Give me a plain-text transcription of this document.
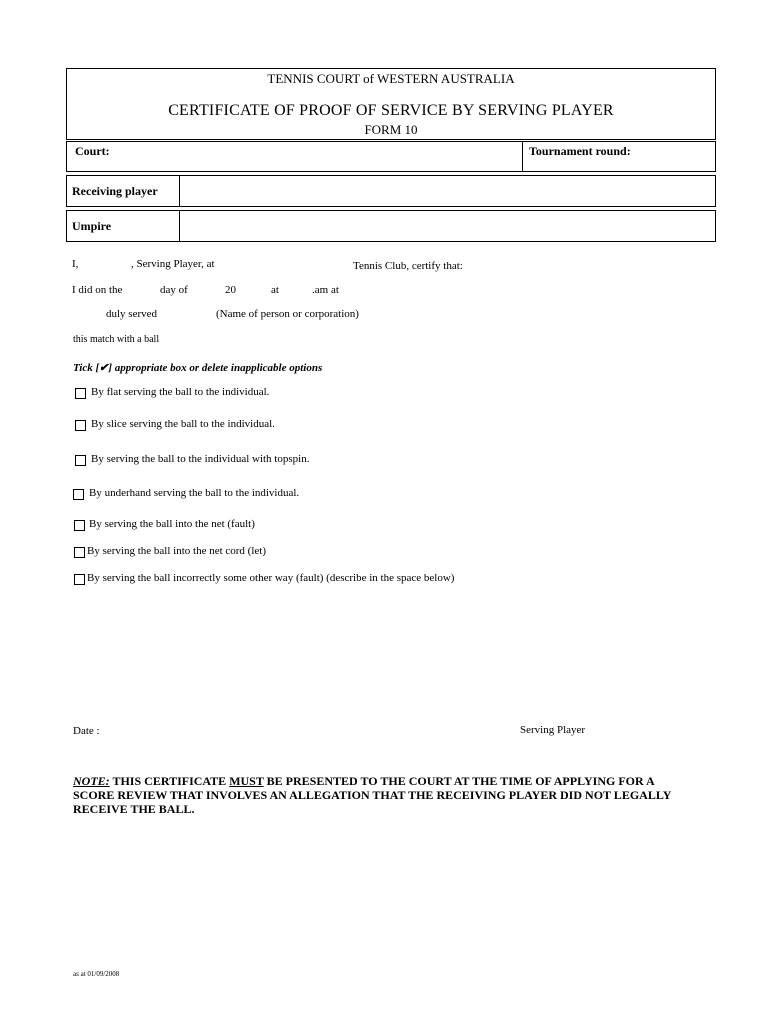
TENNIS COURT of WESTERN AUSTRALIA
CERTIFICATE OF PROOF OF SERVICE BY SERVING PLAYER
FORM 10
Court:	Tournament round:
Receiving player
Umpire
I,	, Serving Player, at	Tennis Club, certify that:
I did on the	day of	20	at	.am at
duly served	(Name of person or corporation)
this match with a ball
Tick [✔] appropriate box or delete inapplicable options
By flat serving the ball to the individual.
By slice serving the ball to the individual.
By serving the ball to the individual with topspin.
By underhand serving the ball to the individual.
By serving the ball into the net (fault)
By serving the ball into the net cord (let)
By serving the ball incorrectly some other way (fault) (describe in the space below)
Date :	Serving Player
NOTE: THIS CERTIFICATE MUST BE PRESENTED TO THE COURT AT THE TIME OF APPLYING FOR A SCORE REVIEW THAT INVOLVES AN ALLEGATION THAT THE RECEIVING PLAYER DID NOT LEGALLY RECEIVE THE BALL.
as at 01/09/2008
